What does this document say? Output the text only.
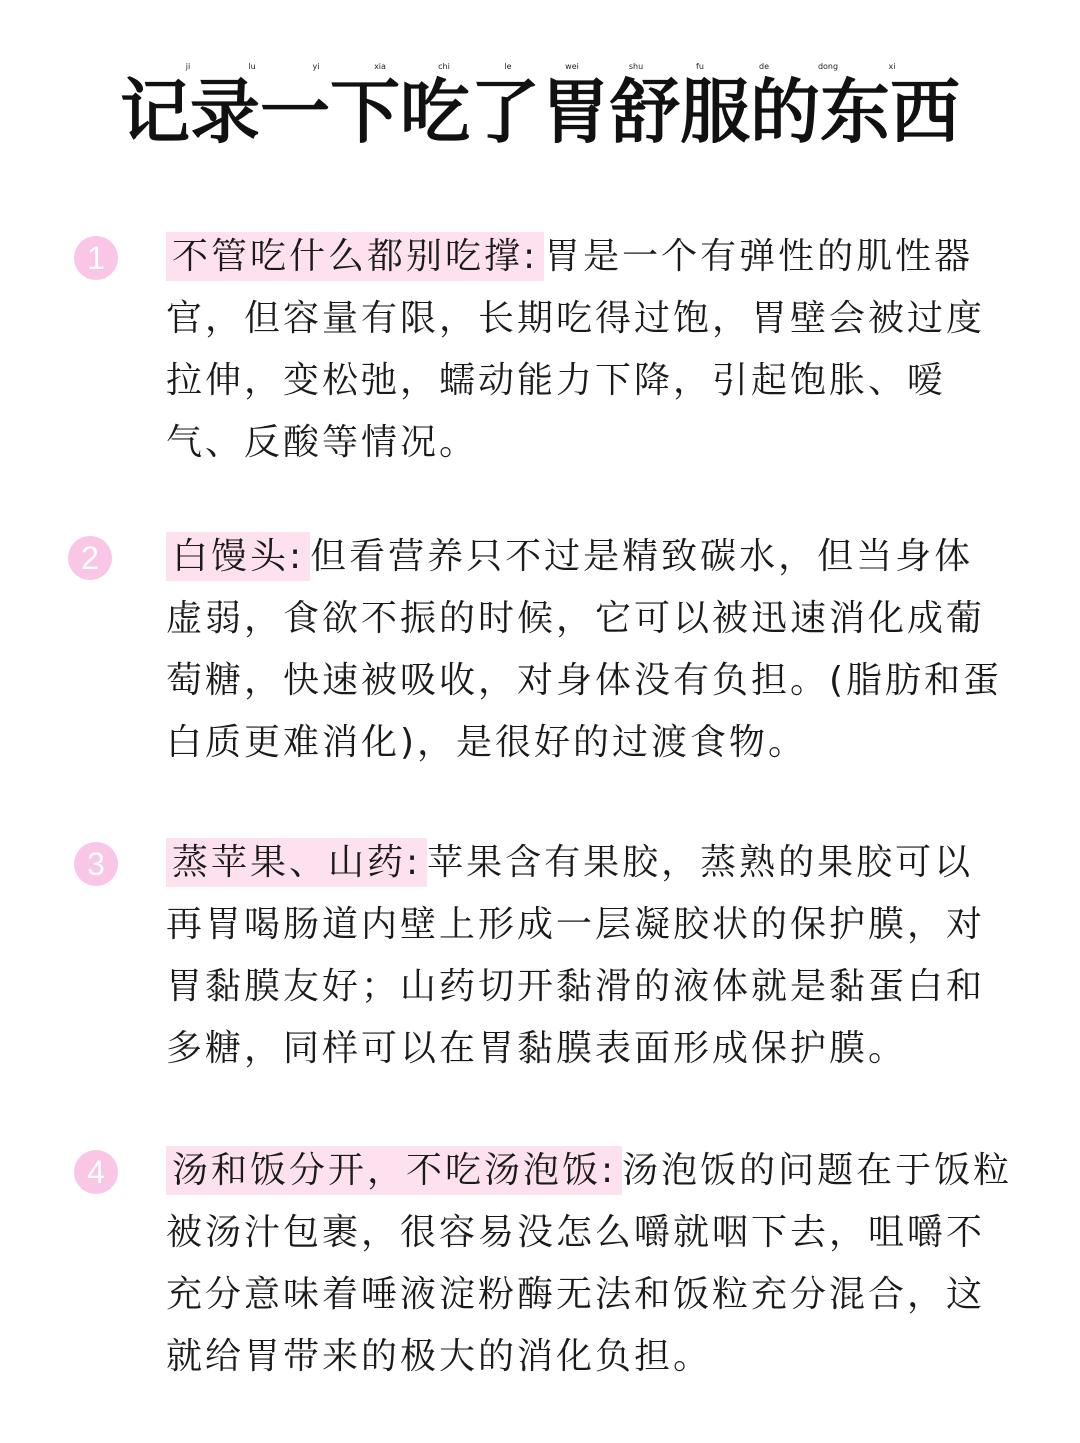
ji	lu	yi	xia	chi	le	wei	shu	fu	de	dong	xi
记录一下吃了胃舒服的东西
1	不管吃什么都别吃撑: 胃是一个有弹性的肌性器官，但容量有限，长期吃得过饱，胃壁会被过度拉伸，变松弛，蠕动能力下降，引起饱胀、嗳气、反酸等情况。

2	白馒头: 但看营养只不过是精致碳水，但当身体虚弱，食欲不振的时候，它可以被迅速消化成葡萄糖，快速被吸收，对身体没有负担。(脂肪和蛋白质更难消化)，是很好的过渡食物。

3	蒸苹果、山药: 苹果含有果胶，蒸熟的果胶可以再胃喝肠道内壁上形成一层凝胶状的保护膜，对胃黏膜友好；山药切开黏滑的液体就是黏蛋白和多糖，同样可以在胃黏膜表面形成保护膜。

4	汤和饭分开，不吃汤泡饭: 汤泡饭的问题在于饭粒被汤汁包裹，很容易没怎么嚼就咽下去，咀嚼不充分意味着唾液淀粉酶无法和饭粒充分混合，这就给胃带来的极大的消化负担。
